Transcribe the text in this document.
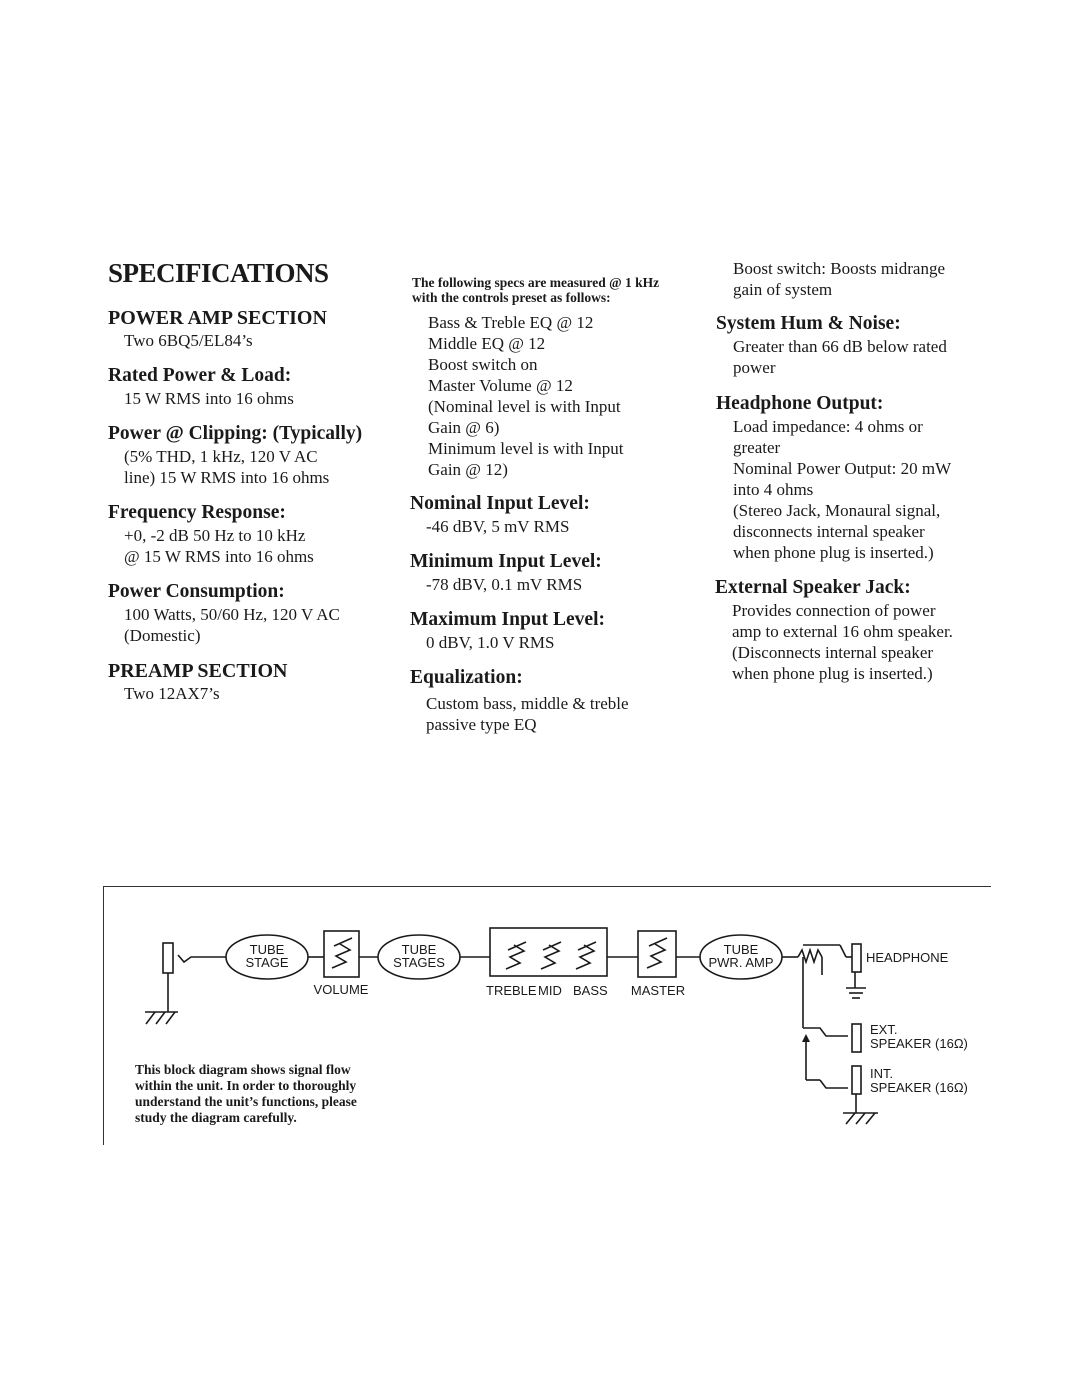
SPECIFICATIONS
POWER AMP SECTION
Two 6BQ5/EL84’s
Rated Power & Load:
15 W RMS into 16 ohms
Power @ Clipping: (Typically)
(5% THD, 1 kHz, 120 V AC
line) 15 W RMS into 16 ohms
Frequency Response:
+0, -2 dB 50 Hz to 10 kHz
@ 15 W RMS into 16 ohms
Power Consumption:
100 Watts, 50/60 Hz, 120 V AC
(Domestic)
PREAMP SECTION
Two 12AX7’s
The following specs are measured @ 1 kHz
with the controls preset as follows:
Bass & Treble EQ @ 12
Middle EQ @ 12
Boost switch on
Master Volume @ 12
(Nominal level is with Input
Gain @ 6)
Minimum level is with Input
Gain @ 12)
Nominal Input Level:
-46 dBV, 5 mV RMS
Minimum Input Level:
-78 dBV, 0.1 mV RMS
Maximum Input Level:
0 dBV, 1.0 V RMS
Equalization:
Custom bass, middle & treble
passive type EQ
Boost switch: Boosts midrange
gain of system
System Hum & Noise:
Greater than 66 dB below rated
power
Headphone Output:
Load impedance: 4 ohms or
greater
Nominal Power Output: 20 mW
into 4 ohms
(Stereo Jack, Monaural signal,
disconnects internal speaker
when phone plug is inserted.)
External Speaker Jack:
Provides connection of power
amp to external 16 ohm speaker.
(Disconnects internal speaker
when phone plug is inserted.)
TUBE
STAGE
TUBE
STAGES
TUBE
PWR. AMP
VOLUME	TREBLE MID BASS MASTER
HEADPHONE
EXT.
SPEAKER (16Ω)
INT.
SPEAKER (16Ω)
This block diagram shows signal flow
within the unit. In order to thoroughly
understand the unit’s functions, please
study the diagram carefully.
